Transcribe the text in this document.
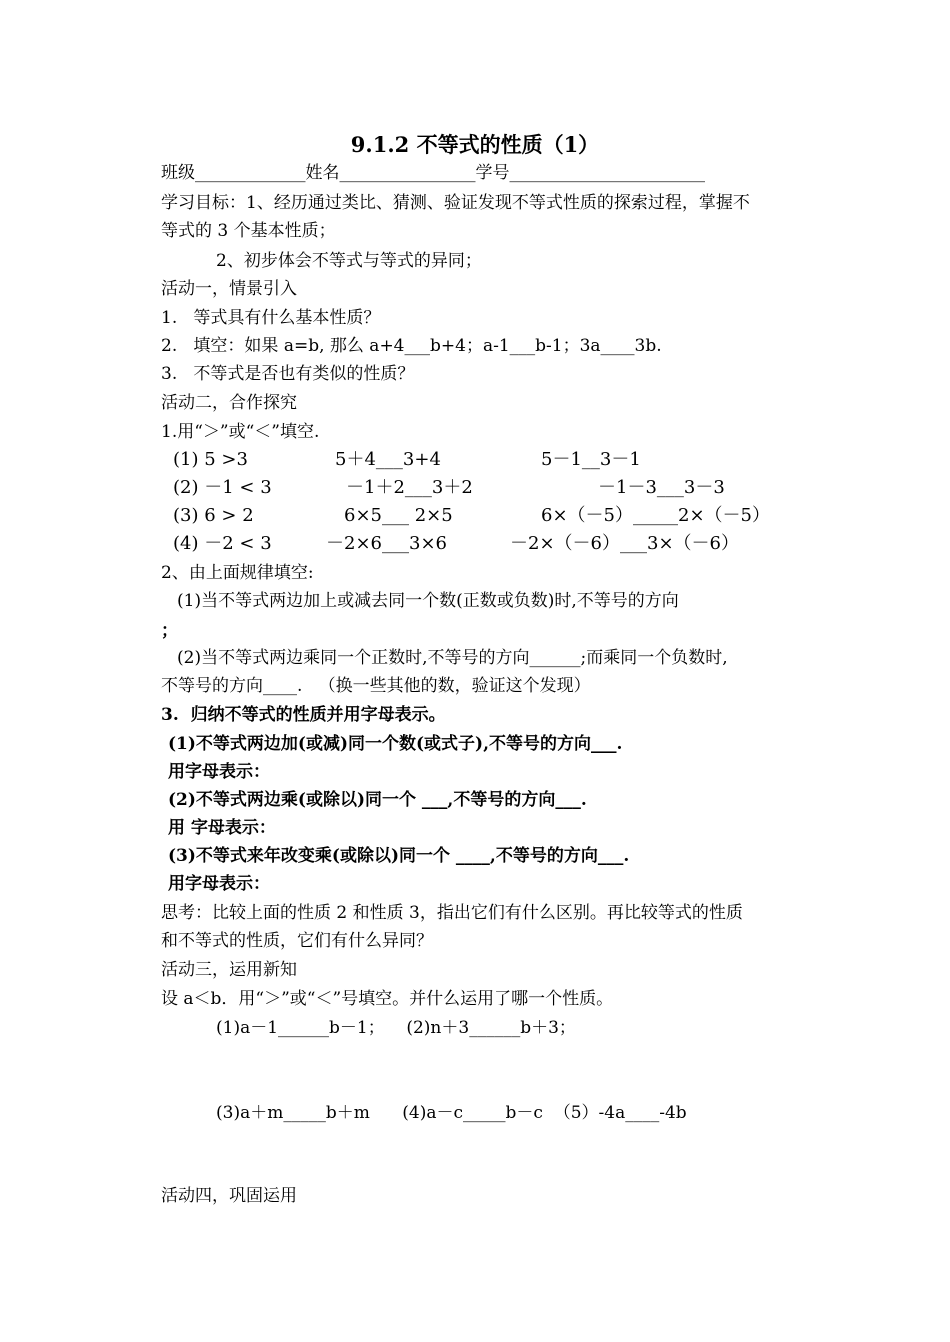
9.1.2 不等式的性质（1）
班级_____________姓名________________学号_______________________
学习目标：1、经历通过类比、猜测、验证发现不等式性质的探索过程，掌握不
等式的 3 个基本性质；
2、初步体会不等式与等式的异同；
活动一，情景引入
1.   等式具有什么基本性质？
2.   填空：如果 a=b, 那么 a+4___b+4；a-1___b-1；3a____3b.
3.   不等式是否也有类似的性质？
活动二，合作探究
1.用“＞”或“＜”填空.
(1) 5 >3	5＋4___3+4	5－1__3－1
(2) －1 < 3	－1＋2___3＋2	－1－3___3－3
(3) 6 > 2	6×5___ 2×5	6×（－5）_____2×（－5）
(4) －2 < 3	－2×6___3×6	－2×（－6）___3×（－6）
2、由上面规律填空:
(1)当不等式两边加上或减去同一个数(正数或负数)时,不等号的方向
；
(2)当不等式两边乘同一个正数时,不等号的方向______;而乘同一个负数时,
不等号的方向____.   （换一些其他的数，验证这个发现）
3.  归纳不等式的性质并用字母表示。
(1)不等式两边加(或减)同一个数(或式子),不等号的方向___.
用字母表示：
(2)不等式两边乘(或除以)同一个 ___,不等号的方向___.
用 字母表示：
(3)不等式来年改变乘(或除以)同一个 ____,不等号的方向___.
用字母表示：
思考：比较上面的性质 2 和性质 3，指出它们有什么区别。再比较等式的性质
和不等式的性质，它们有什么异同？
活动三，运用新知
设 a＜b．用“＞”或“＜”号填空。并什么运用了哪一个性质。
(1)a－1______b－1；    (2)n＋3______b＋3；
(3)a＋m_____b＋m      (4)a－c_____b－c  （5）-4a____-4b
活动四，巩固运用
